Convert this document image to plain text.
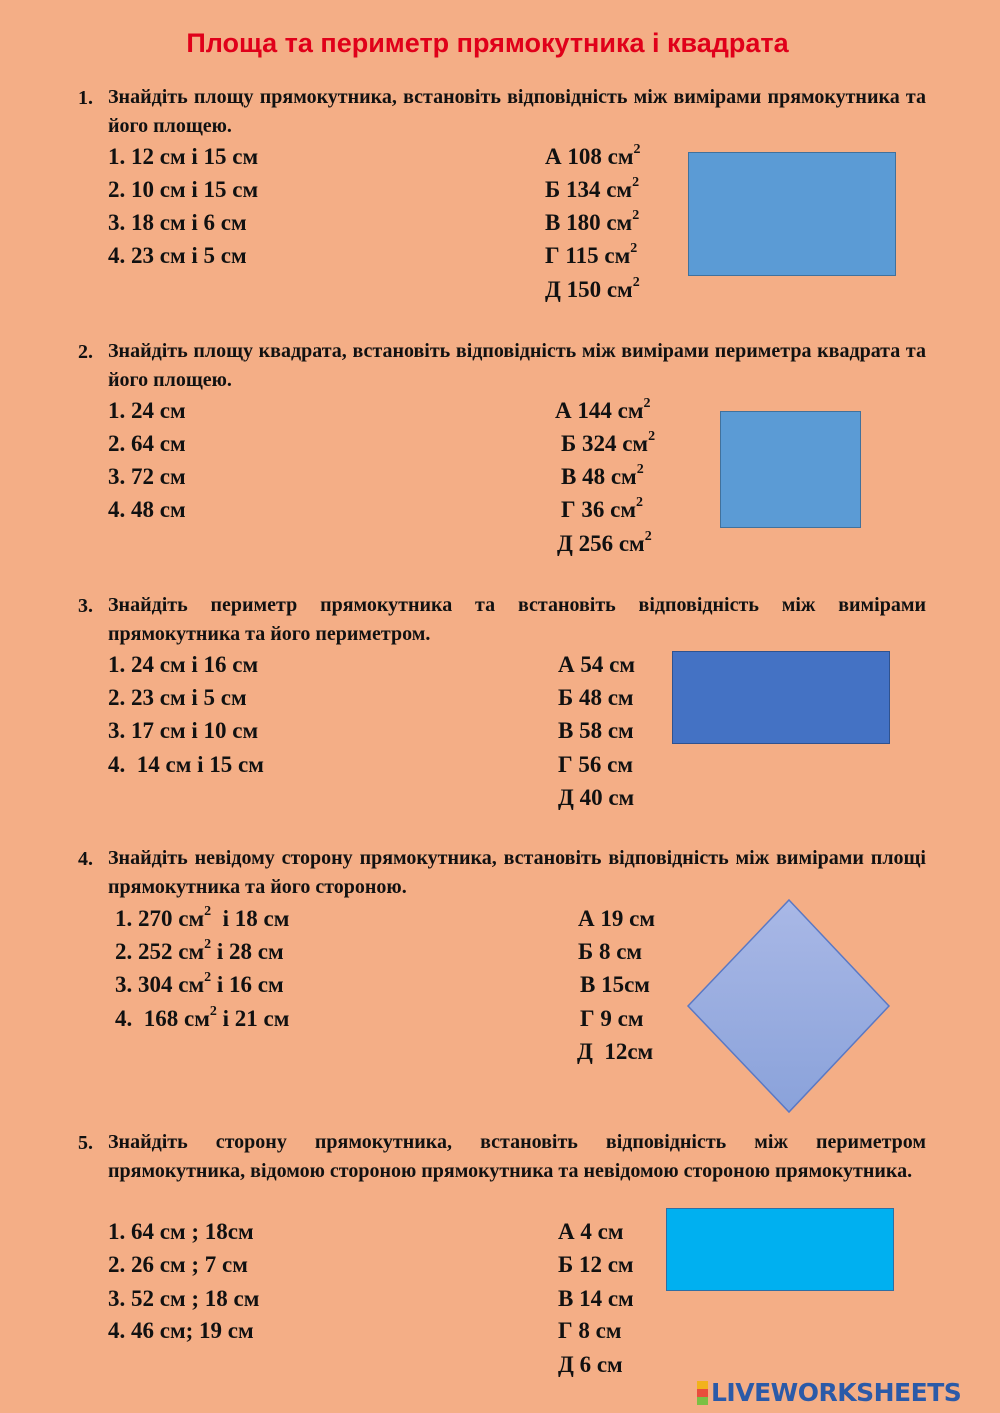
Площа та периметр прямокутника і квадрата
1. Знайдіть площу прямокутника, встановіть відповідність між вимірами прямокутника та його площею.
1. 12 см і 15 см
2. 10 см і 15 см
3. 18 см і 6 см
4. 23 см і 5 см
А 108 $см^2$
Б 134 $см^2$
В 180 $см^2$
Г 115 $см^2$
Д 150 $см^2$
2. Знайдіть площу квадрата, встановіть відповідність між вимірами периметра квадрата та його площею.
1. 24 см
2. 64 см
3. 72 см
4. 48 см
А 144 $см^2$
Б 324 $см^2$
В 48 $см^2$
Г 36 $см^2$
Д 256 $см^2$
3. Знайдіть периметр прямокутника та встановіть відповідність між вимірами прямокутника та його периметром.
1. 24 см і 16 см
2. 23 см і 5 см
3. 17 см і 10 см
4.  14 см і 15 см
А 54 см
Б 48 см
В 58 см
Г 56 см
Д 40 см
4. Знайдіть невідому сторону прямокутника, встановіть відповідність між вимірами площі прямокутника та його стороною.
1. 270 $см^2$  і 18 см
2. 252 $см^2$ і 28 см
3. 304 $см^2$ і 16 см
4.  168 $см^2$ і 21 см
А 19 см
Б 8 см
В 15см
Г 9 см
Д  12см
5. Знайдіть сторону прямокутника, встановіть відповідність між периметром прямокутника, відомою стороною прямокутника та невідомою стороною прямокутника.
1. 64 см ; 18см
2. 26 см ; 7 см
3. 52 см ; 18 см
4. 46 см; 19 см
А 4 см
Б 12 см
В 14 см
Г 8 см
Д 6 см
LIVEWORKSHEETS
